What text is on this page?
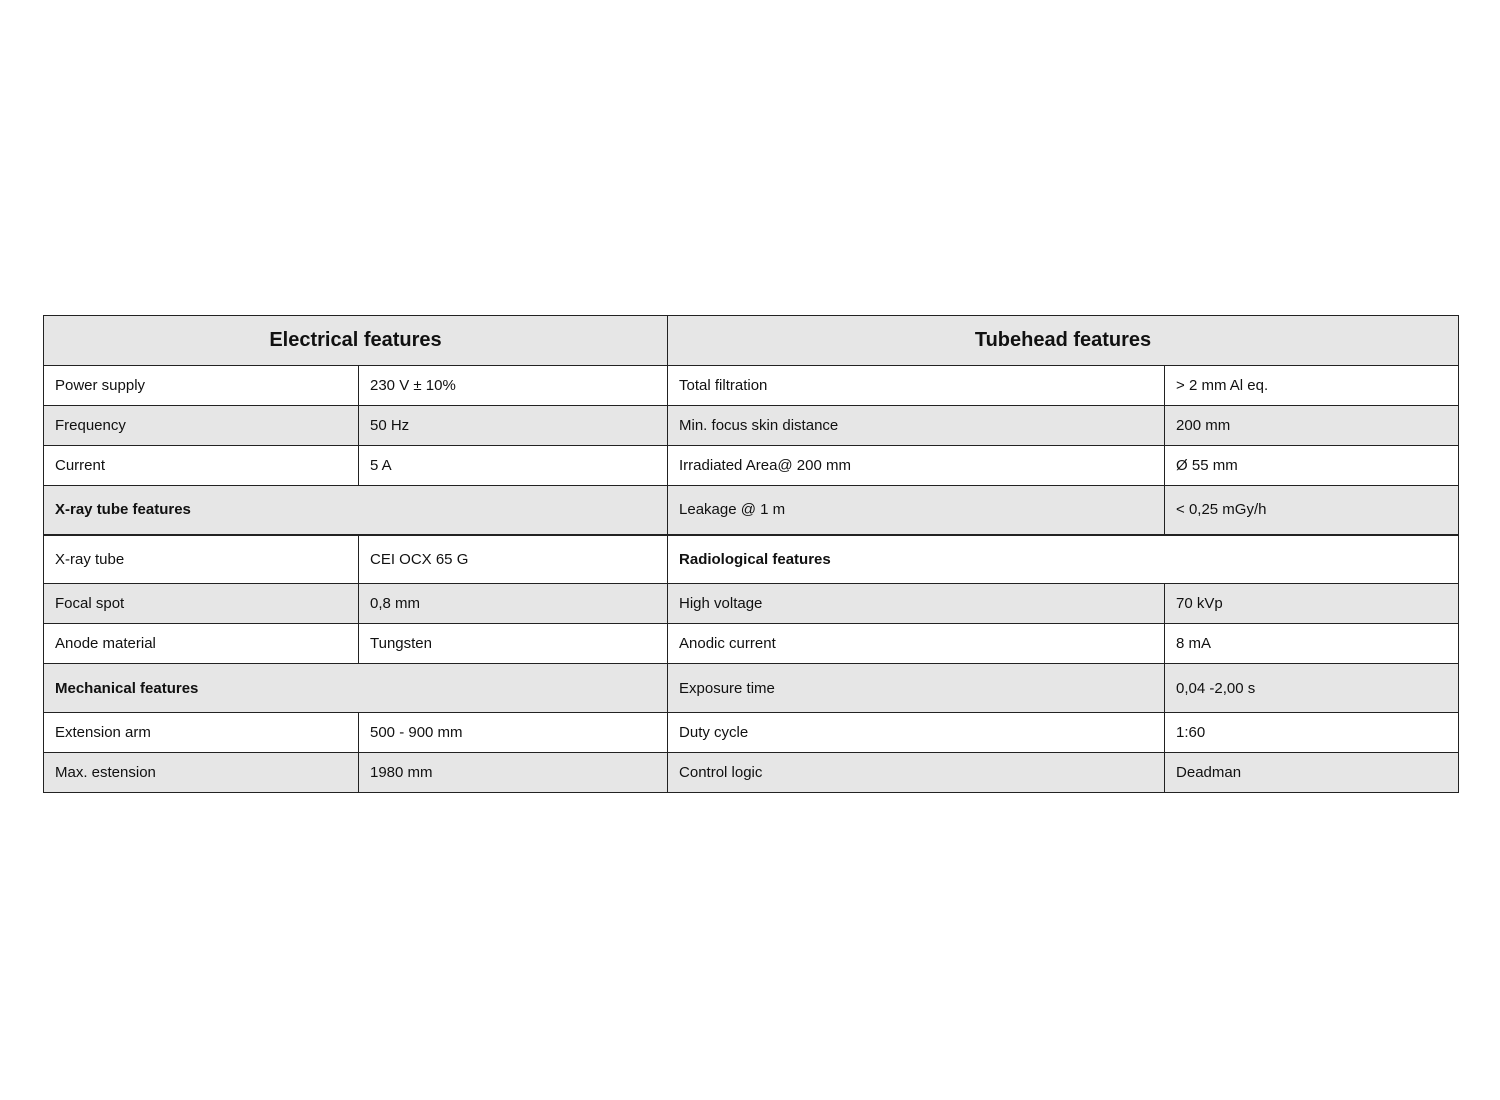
Electrical features		Tubehead features	
Power supply	230 V ± 10%	Total filtration	> 2 mm Al eq.
Frequency	50 Hz	Min. focus skin distance	200 mm
Current	5 A	Irradiated Area@ 200 mm	Ø 55 mm
X-ray tube features		Leakage @ 1 m	< 0,25 mGy/h
X-ray tube	CEI OCX 65 G	Radiological features	
Focal spot	0,8 mm	High voltage	70 kVp
Anode material	Tungsten	Anodic current	8 mA
Mechanical features		Exposure time	0,04 -2,00 s
Extension arm	500 - 900 mm	Duty cycle	1:60
Max. estension	1980 mm	Control logic	Deadman
